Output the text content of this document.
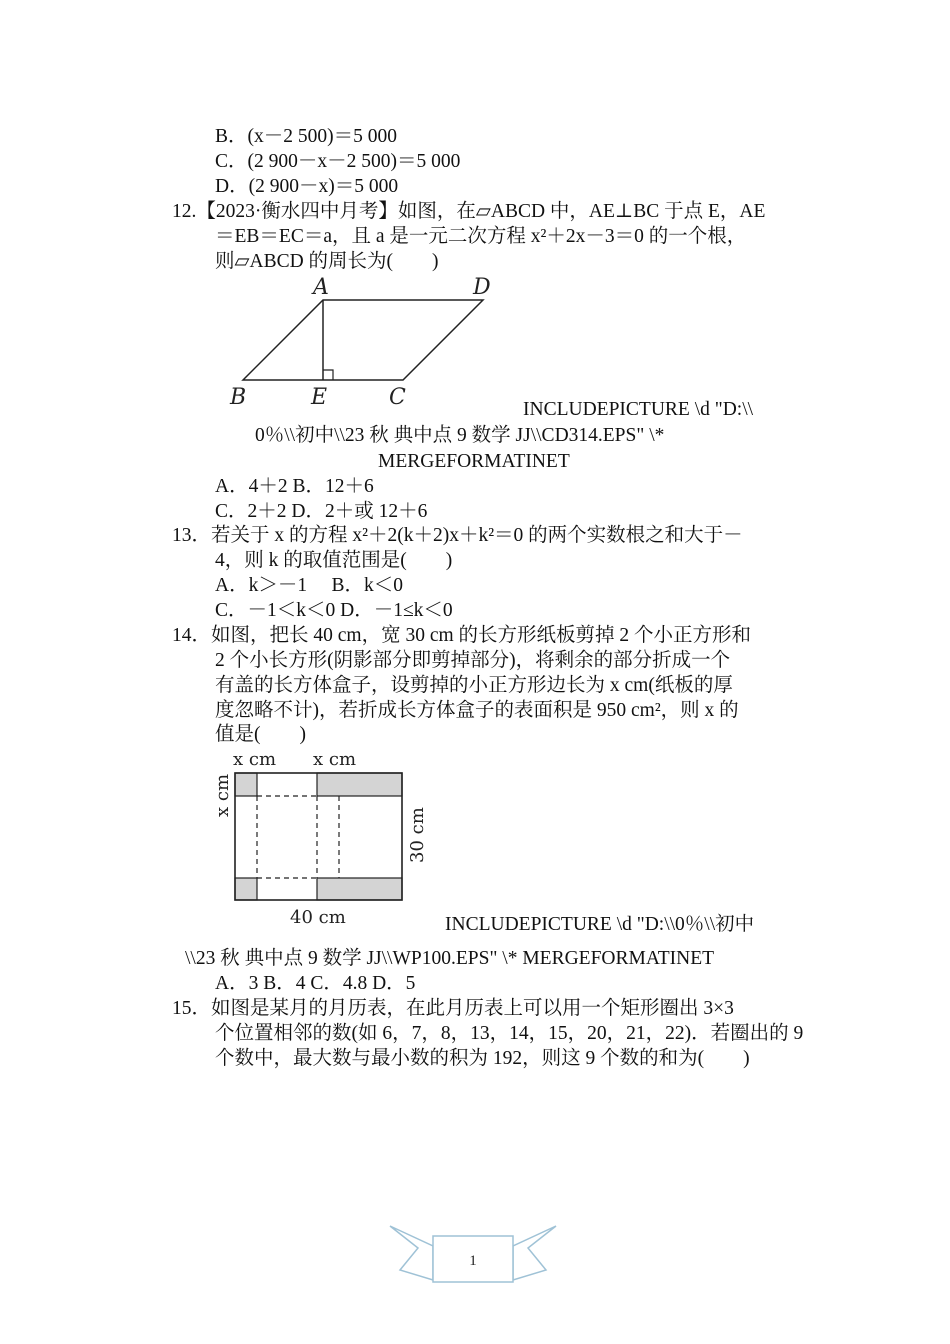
B．(x－2 500)＝5 000
C．(2 900－x－2 500)＝5 000
D．(2 900－x)＝5 000
12.【2023·衡水四中月考】如图，在▱ABCD 中，AE⊥BC 于点 E，AE
＝EB＝EC＝a，且 a 是一元二次方程 x²＋2x－3＝0 的一个根，
则▱ABCD 的周长为(　　)
A	D
B	E	C	INCLUDEPICTURE \d "D:\\
0％\\初中\\23 秋 典中点 9 数学 JJ\\CD314.EPS" \*
MERGEFORMATINET
A．4＋2 B．12＋6
C．2＋2 D．2＋或 12＋6
13．若关于 x 的方程 x²＋2(k＋2)x＋k²＝0 的两个实数根之和大于－
4，则 k 的取值范围是(　　)
A．k＞－1　 B．k＜0
C．－1＜k＜0 D．－1≤k＜0
14．如图，把长 40 cm，宽 30 cm 的长方形纸板剪掉 2 个小正方形和
2 个小长方形(阴影部分即剪掉部分)，将剩余的部分折成一个
有盖的长方体盒子，设剪掉的小正方形边长为 x cm(纸板的厚
度忽略不计)，若折成长方体盒子的表面积是 950 cm²，则 x 的
值是(　　)
x cm x cm
x cm
30 cm
40 cm	INCLUDEPICTURE \d "D:\\0％\\初中
\\23 秋 典中点 9 数学 JJ\\WP100.EPS" \* MERGEFORMATINET
A．3 B．4 C．4.8 D．5
15．如图是某月的月历表，在此月历表上可以用一个矩形圈出 3×3
个位置相邻的数(如 6，7，8，13，14，15，20，21，22)．若圈出的 9
个数中，最大数与最小数的积为 192，则这 9 个数的和为(　　)
1
